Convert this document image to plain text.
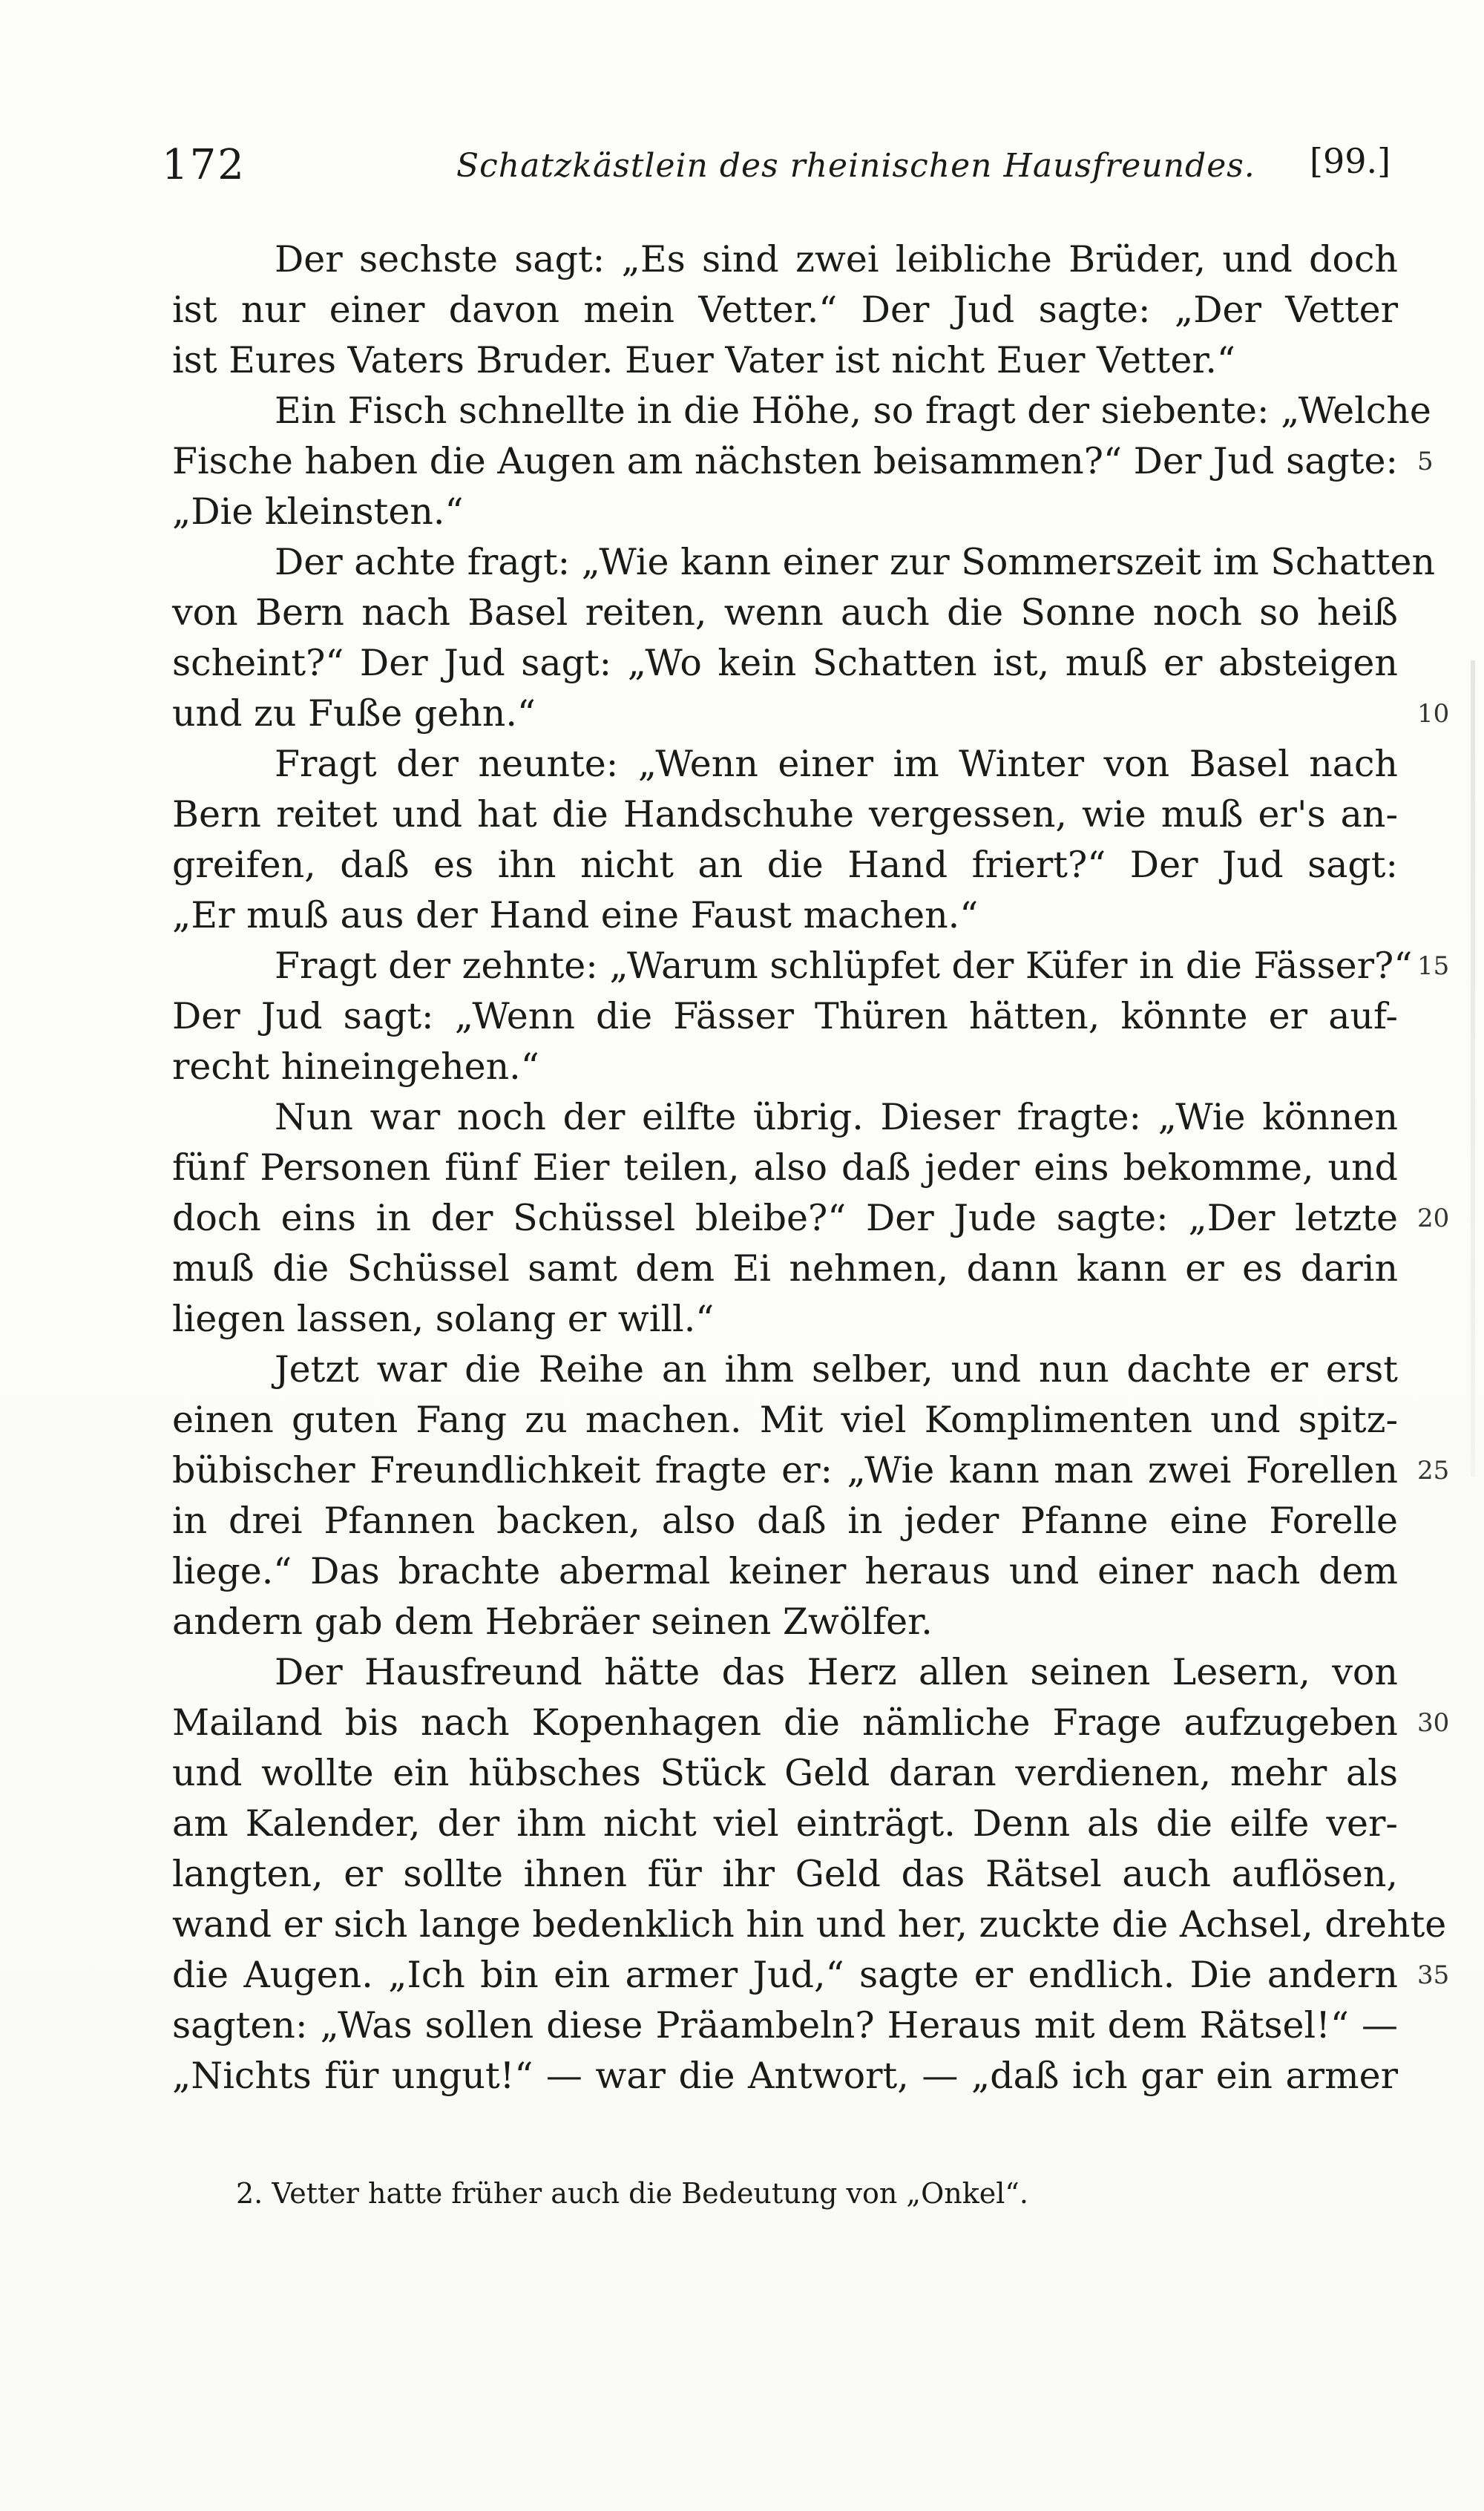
172	Schatzkästlein des rheinischen Hausfreundes. [99.]
Der sechste sagt: „Es sind zwei leibliche Brüder, und doch
ist nur einer davon mein Vetter.“ Der Jud sagte: „Der Vetter
ist Eures Vaters Bruder. Euer Vater ist nicht Euer Vetter.“
Ein Fisch schnellte in die Höhe, so fragt der siebente: „Welche
Fische haben die Augen am nächsten beisammen?“ Der Jud sagte:
„Die kleinsten.“
Der achte fragt: „Wie kann einer zur Sommerszeit im Schatten
von Bern nach Basel reiten, wenn auch die Sonne noch so heiß
scheint?“ Der Jud sagt: „Wo kein Schatten ist, muß er absteigen
und zu Fuße gehn.“
Fragt der neunte: „Wenn einer im Winter von Basel nach
Bern reitet und hat die Handschuhe vergessen, wie muß er's an-
greifen, daß es ihn nicht an die Hand friert?“ Der Jud sagt:
„Er muß aus der Hand eine Faust machen.“
Fragt der zehnte: „Warum schlüpfet der Küfer in die Fässer?“
Der Jud sagt: „Wenn die Fässer Thüren hätten, könnte er auf-
recht hineingehen.“
Nun war noch der eilfte übrig. Dieser fragte: „Wie können
fünf Personen fünf Eier teilen, also daß jeder eins bekomme, und
doch eins in der Schüssel bleibe?“ Der Jude sagte: „Der letzte
muß die Schüssel samt dem Ei nehmen, dann kann er es darin
liegen lassen, solang er will.“
Jetzt war die Reihe an ihm selber, und nun dachte er erst
einen guten Fang zu machen. Mit viel Komplimenten und spitz-
bübischer Freundlichkeit fragte er: „Wie kann man zwei Forellen
in drei Pfannen backen, also daß in jeder Pfanne eine Forelle
liege.“ Das brachte abermal keiner heraus und einer nach dem
andern gab dem Hebräer seinen Zwölfer.
Der Hausfreund hätte das Herz allen seinen Lesern, von
Mailand bis nach Kopenhagen die nämliche Frage aufzugeben
und wollte ein hübsches Stück Geld daran verdienen, mehr als
am Kalender, der ihm nicht viel einträgt. Denn als die eilfe ver-
langten, er sollte ihnen für ihr Geld das Rätsel auch auflösen,
wand er sich lange bedenklich hin und her, zuckte die Achsel, drehte
die Augen. „Ich bin ein armer Jud,“ sagte er endlich. Die andern
sagten: „Was sollen diese Präambeln? Heraus mit dem Rätsel!“ —
„Nichts für ungut!“ — war die Antwort, — „daß ich gar ein armer
5
10
15
20
25
30
35
2. Vetter hatte früher auch die Bedeutung von „Onkel“.
